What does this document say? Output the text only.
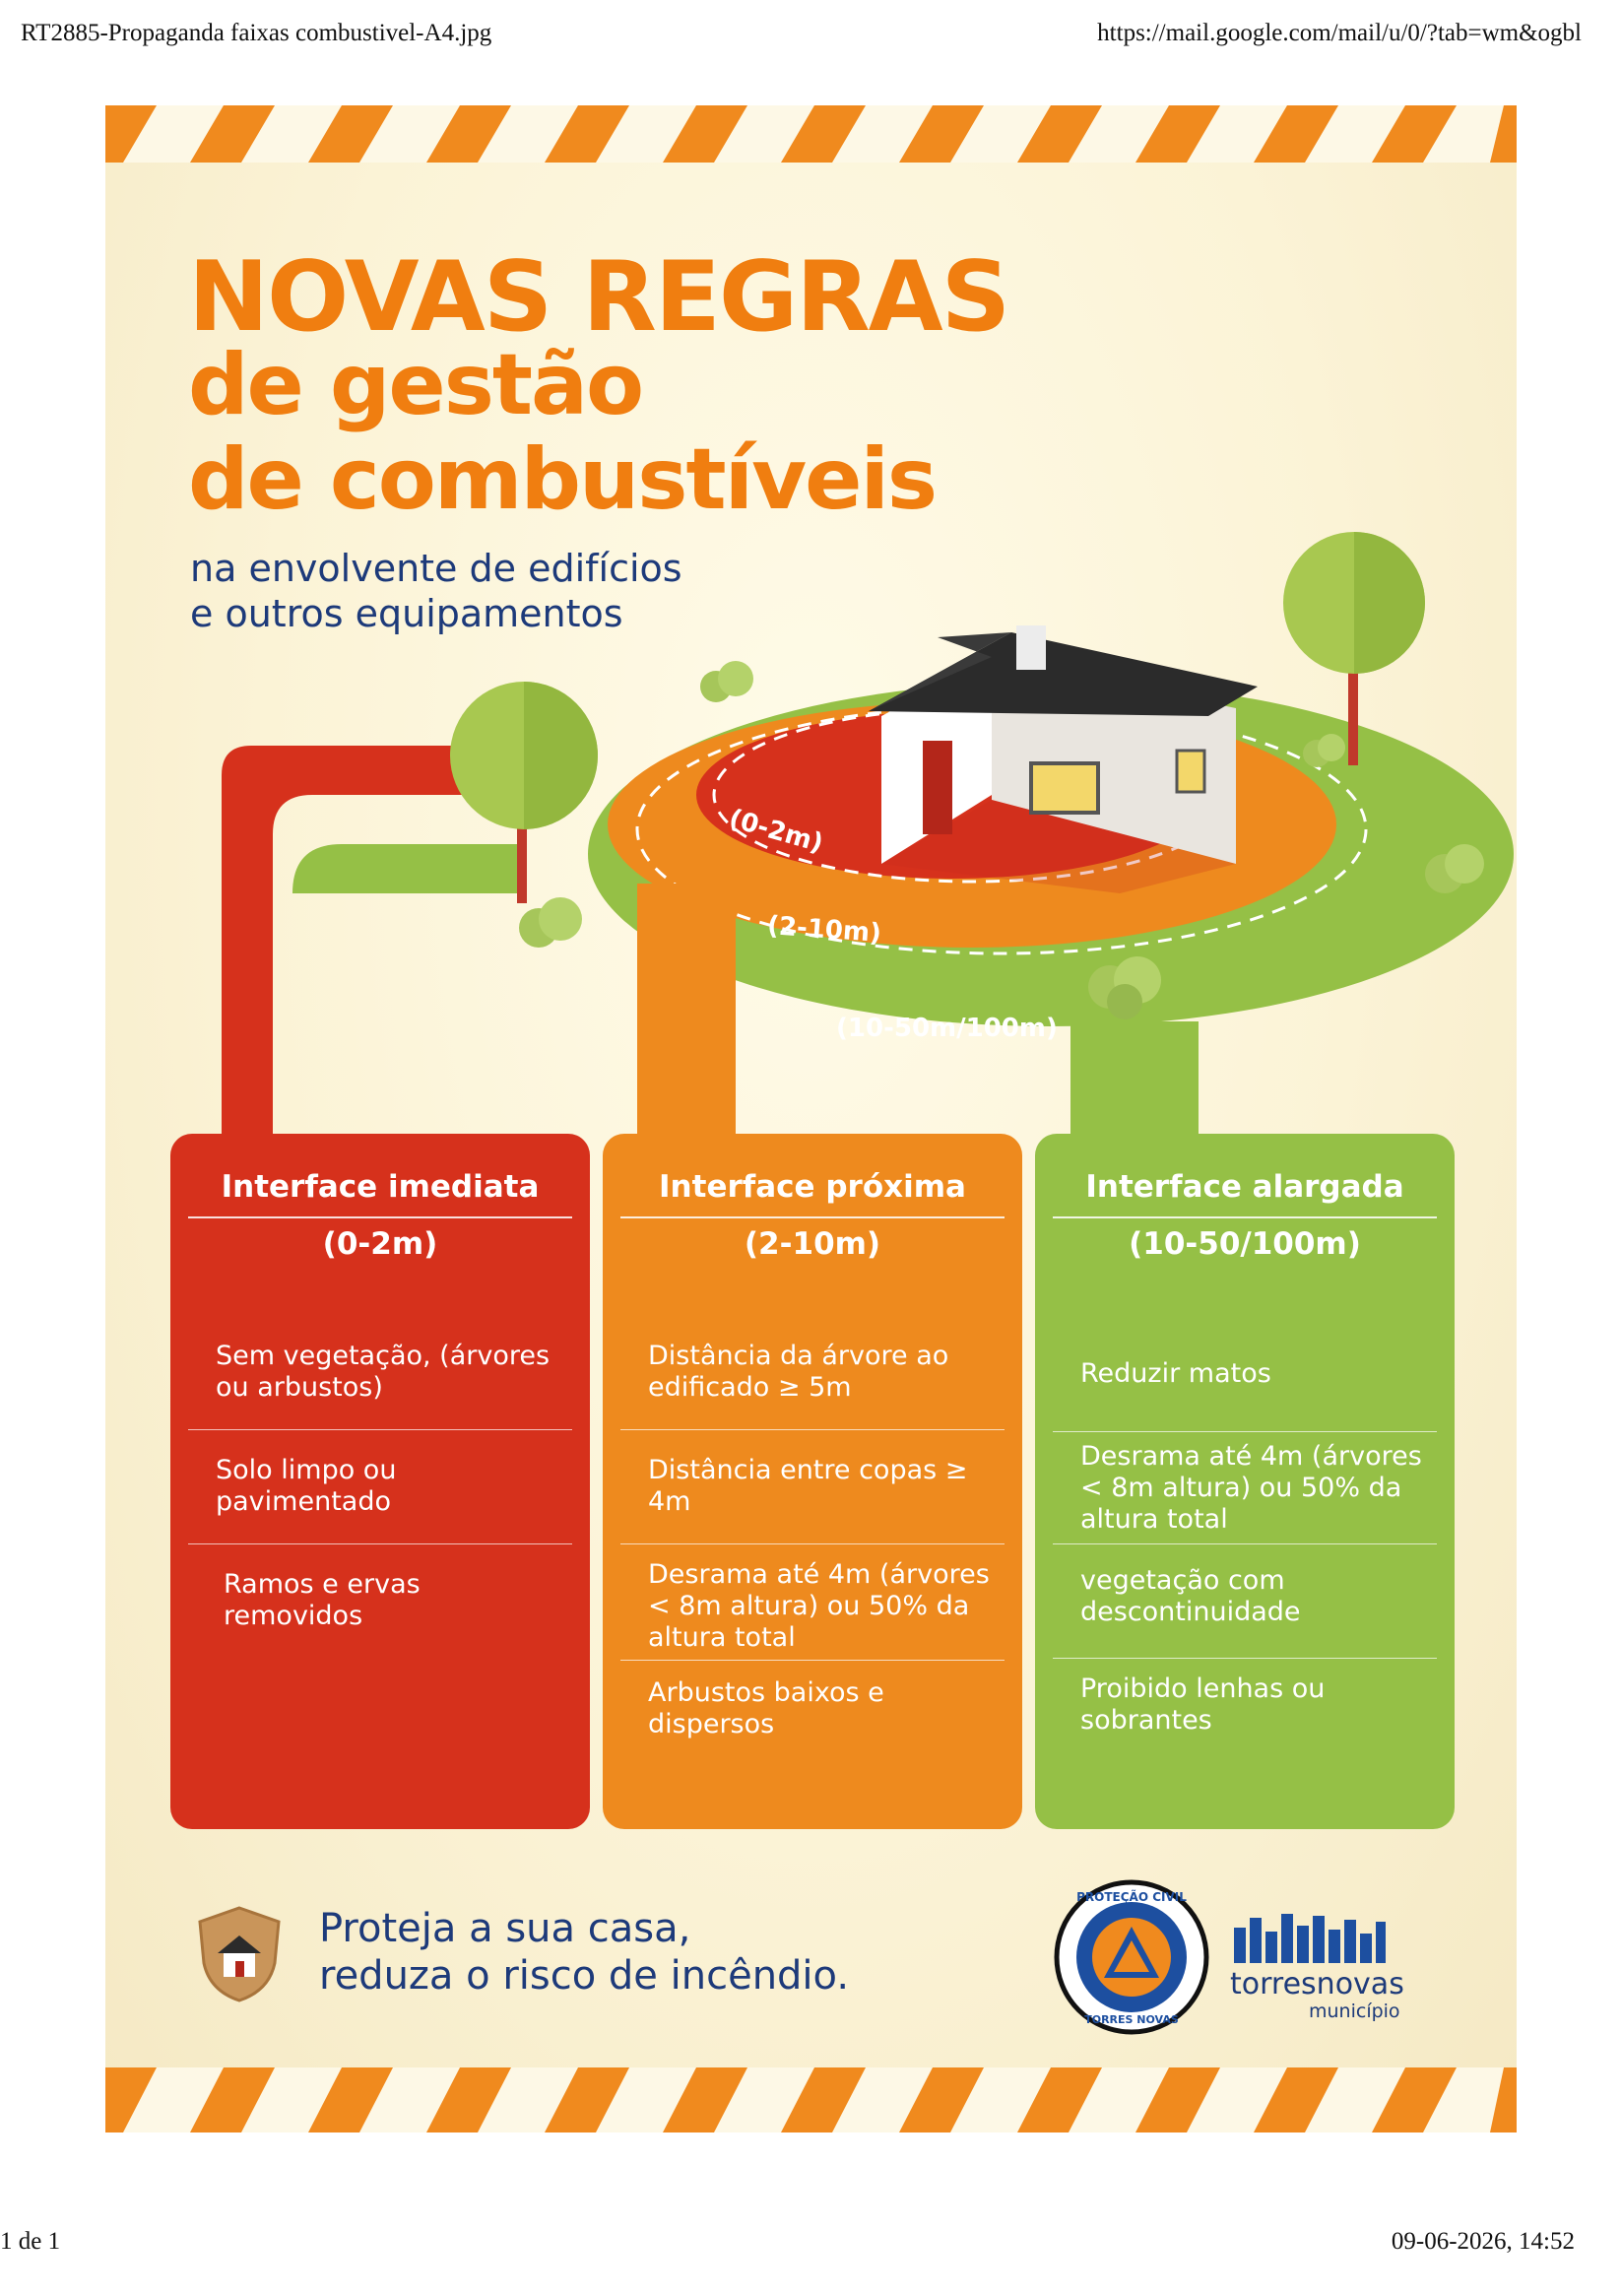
RT2885-Propaganda faixas combustivel-A4.jpg	https://mail.google.com/mail/u/0/?tab=wm&ogbl
1 de 1	09-06-2026, 14:52
NOVAS REGRAS
de gestão
de combustíveis
na envolvente de edifícios
e outros equipamentos
(0-2m)
(2-10m)
(10-50m/100m)
Interface imediata
(0-2m)
Sem vegetação, (árvores ou arbustos)
Solo limpo ou pavimentado
Ramos e ervas removidos
Interface próxima
(2-10m)
Distância da árvore ao edificado ≥ 5m
Distância entre copas ≥ 4m
Desrama até 4m (árvores < 8m altura) ou 50% da altura total
Arbustos baixos e dispersos
Interface alargada
(10-50/100m)
Reduzir matos
Desrama até 4m (árvores < 8m altura) ou 50% da altura total
vegetação com descontinuidade
Proibido lenhas ou sobrantes
Proteja a sua casa,
reduza o risco de incêndio.
PROTEÇÃO CIVIL
TORRES NOVAS
torresnovas
município
